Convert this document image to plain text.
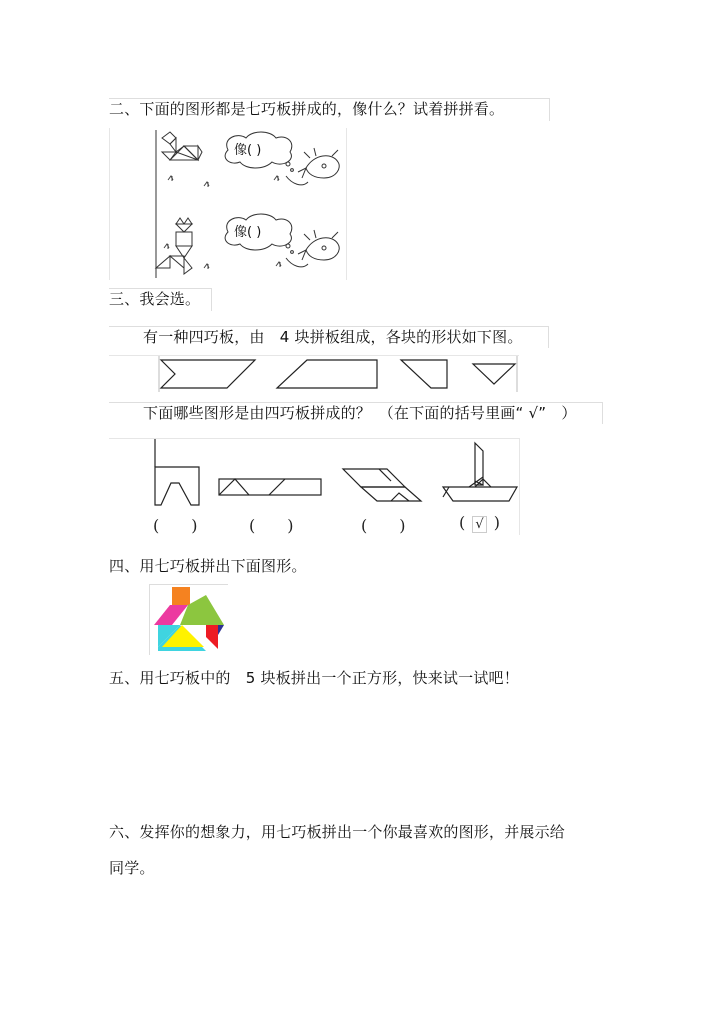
二、下面的图形都是七巧板拼成的，像什么？试着拼拼看。
像( )
像( )
三、我会选。
有一种四巧板，由　4 块拼板组成，各块的形状如下图。
下面哪些图形是由四巧板拼成的？　（在下面的括号里画“ √”　）
(　　)	(　　)	(　　)	( √ )
四、用七巧板拼出下面图形。
五、用七巧板中的　5 块板拼出一个正方形，快来试一试吧！
六、发挥你的想象力，用七巧板拼出一个你最喜欢的图形，并展示给
同学。
